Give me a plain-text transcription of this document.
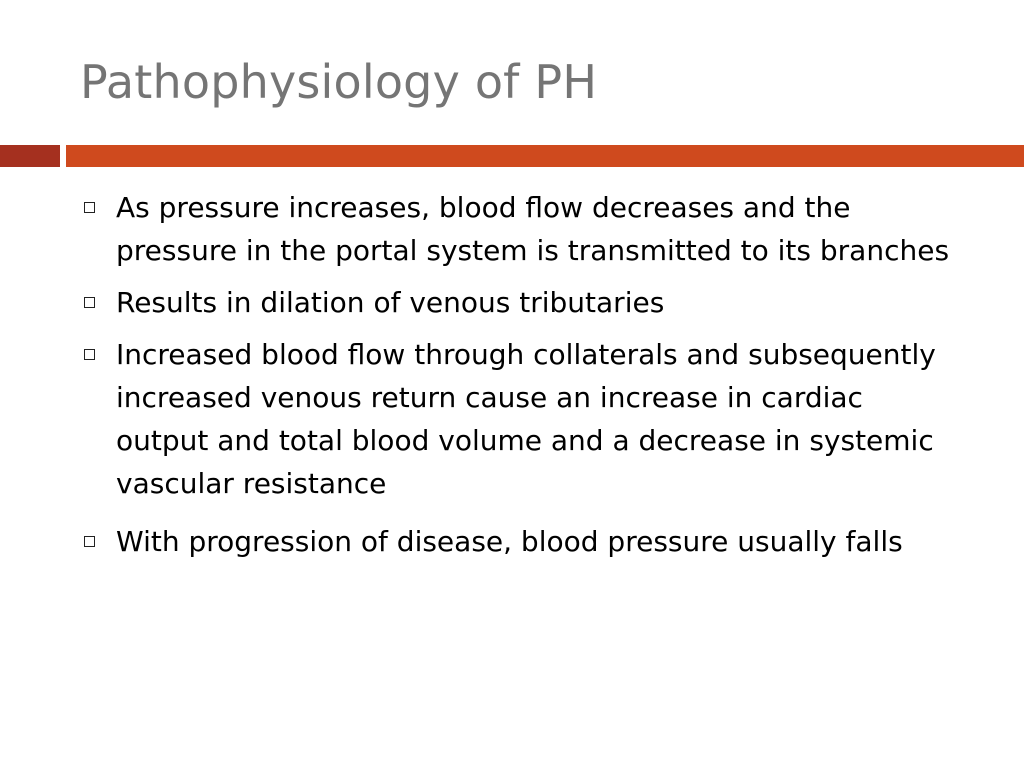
Pathophysiology of PH
As pressure increases, blood flow decreases and the pressure in the portal system is transmitted to its branches
Results in dilation of venous tributaries
Increased blood flow through collaterals and subsequently increased venous return cause an increase in cardiac output and total blood volume and a decrease in systemic vascular resistance
With progression of disease, blood pressure usually falls
